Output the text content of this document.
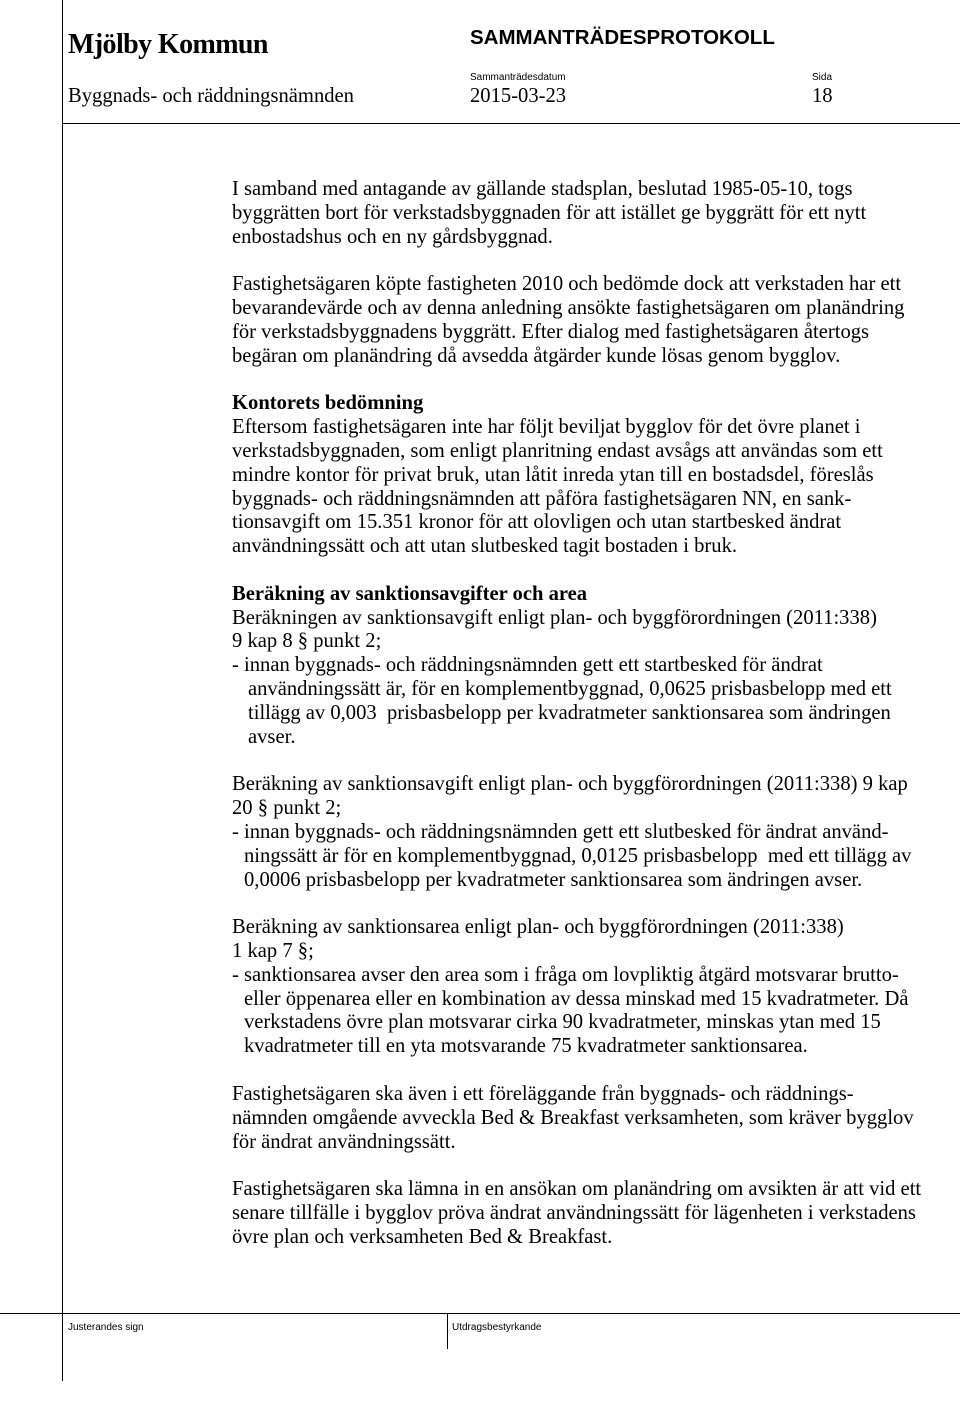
Mjölby Kommun	SAMMANTRÄDESPROTOKOLL
Sammanträdesdatum	Sida
Byggnads- och räddningsnämnden	2015-03-23	18
I samband med antagande av gällande stadsplan, beslutad 1985-05-10, togs
byggrätten bort för verkstadsbyggnaden för att istället ge byggrätt för ett nytt
enbostadshus och en ny gårdsbyggnad.
Fastighetsägaren köpte fastigheten 2010 och bedömde dock att verkstaden har ett
bevarandevärde och av denna anledning ansökte fastighetsägaren om planändring
för verkstadsbyggnadens byggrätt. Efter dialog med fastighetsägaren återtogs
begäran om planändring då avsedda åtgärder kunde lösas genom bygglov.
Kontorets bedömning
Eftersom fastighetsägaren inte har följt beviljat bygglov för det övre planet i
verkstadsbyggnaden, som enligt planritning endast avsågs att användas som ett
mindre kontor för privat bruk, utan låtit inreda ytan till en bostadsdel, föreslås
byggnads- och räddningsnämnden att påföra fastighetsägaren NN, en sank-
tionsavgift om 15.351 kronor för att olovligen och utan startbesked ändrat
användningssätt och att utan slutbesked tagit bostaden i bruk.
Beräkning av sanktionsavgifter och area
Beräkningen av sanktionsavgift enligt plan- och byggförordningen (2011:338)
9 kap 8 § punkt 2;
- innan byggnads- och räddningsnämnden gett ett startbesked för ändrat
användningssätt är, för en komplementbyggnad, 0,0625 prisbasbelopp med ett
tillägg av 0,003  prisbasbelopp per kvadratmeter sanktionsarea som ändringen
avser.
Beräkning av sanktionsavgift enligt plan- och byggförordningen (2011:338) 9 kap
20 § punkt 2;
- innan byggnads- och räddningsnämnden gett ett slutbesked för ändrat använd-
ningssätt är för en komplementbyggnad, 0,0125 prisbasbelopp  med ett tillägg av
0,0006 prisbasbelopp per kvadratmeter sanktionsarea som ändringen avser.
Beräkning av sanktionsarea enligt plan- och byggförordningen (2011:338)
1 kap 7 §;
- sanktionsarea avser den area som i fråga om lovpliktig åtgärd motsvarar brutto-
eller öppenarea eller en kombination av dessa minskad med 15 kvadratmeter. Då
verkstadens övre plan motsvarar cirka 90 kvadratmeter, minskas ytan med 15
kvadratmeter till en yta motsvarande 75 kvadratmeter sanktionsarea.
Fastighetsägaren ska även i ett föreläggande från byggnads- och räddnings-
nämnden omgående avveckla Bed & Breakfast verksamheten, som kräver bygglov
för ändrat användningssätt.
Fastighetsägaren ska lämna in en ansökan om planändring om avsikten är att vid ett
senare tillfälle i bygglov pröva ändrat användningssätt för lägenheten i verkstadens
övre plan och verksamheten Bed & Breakfast.
Justerandes sign	Utdragsbestyrkande
